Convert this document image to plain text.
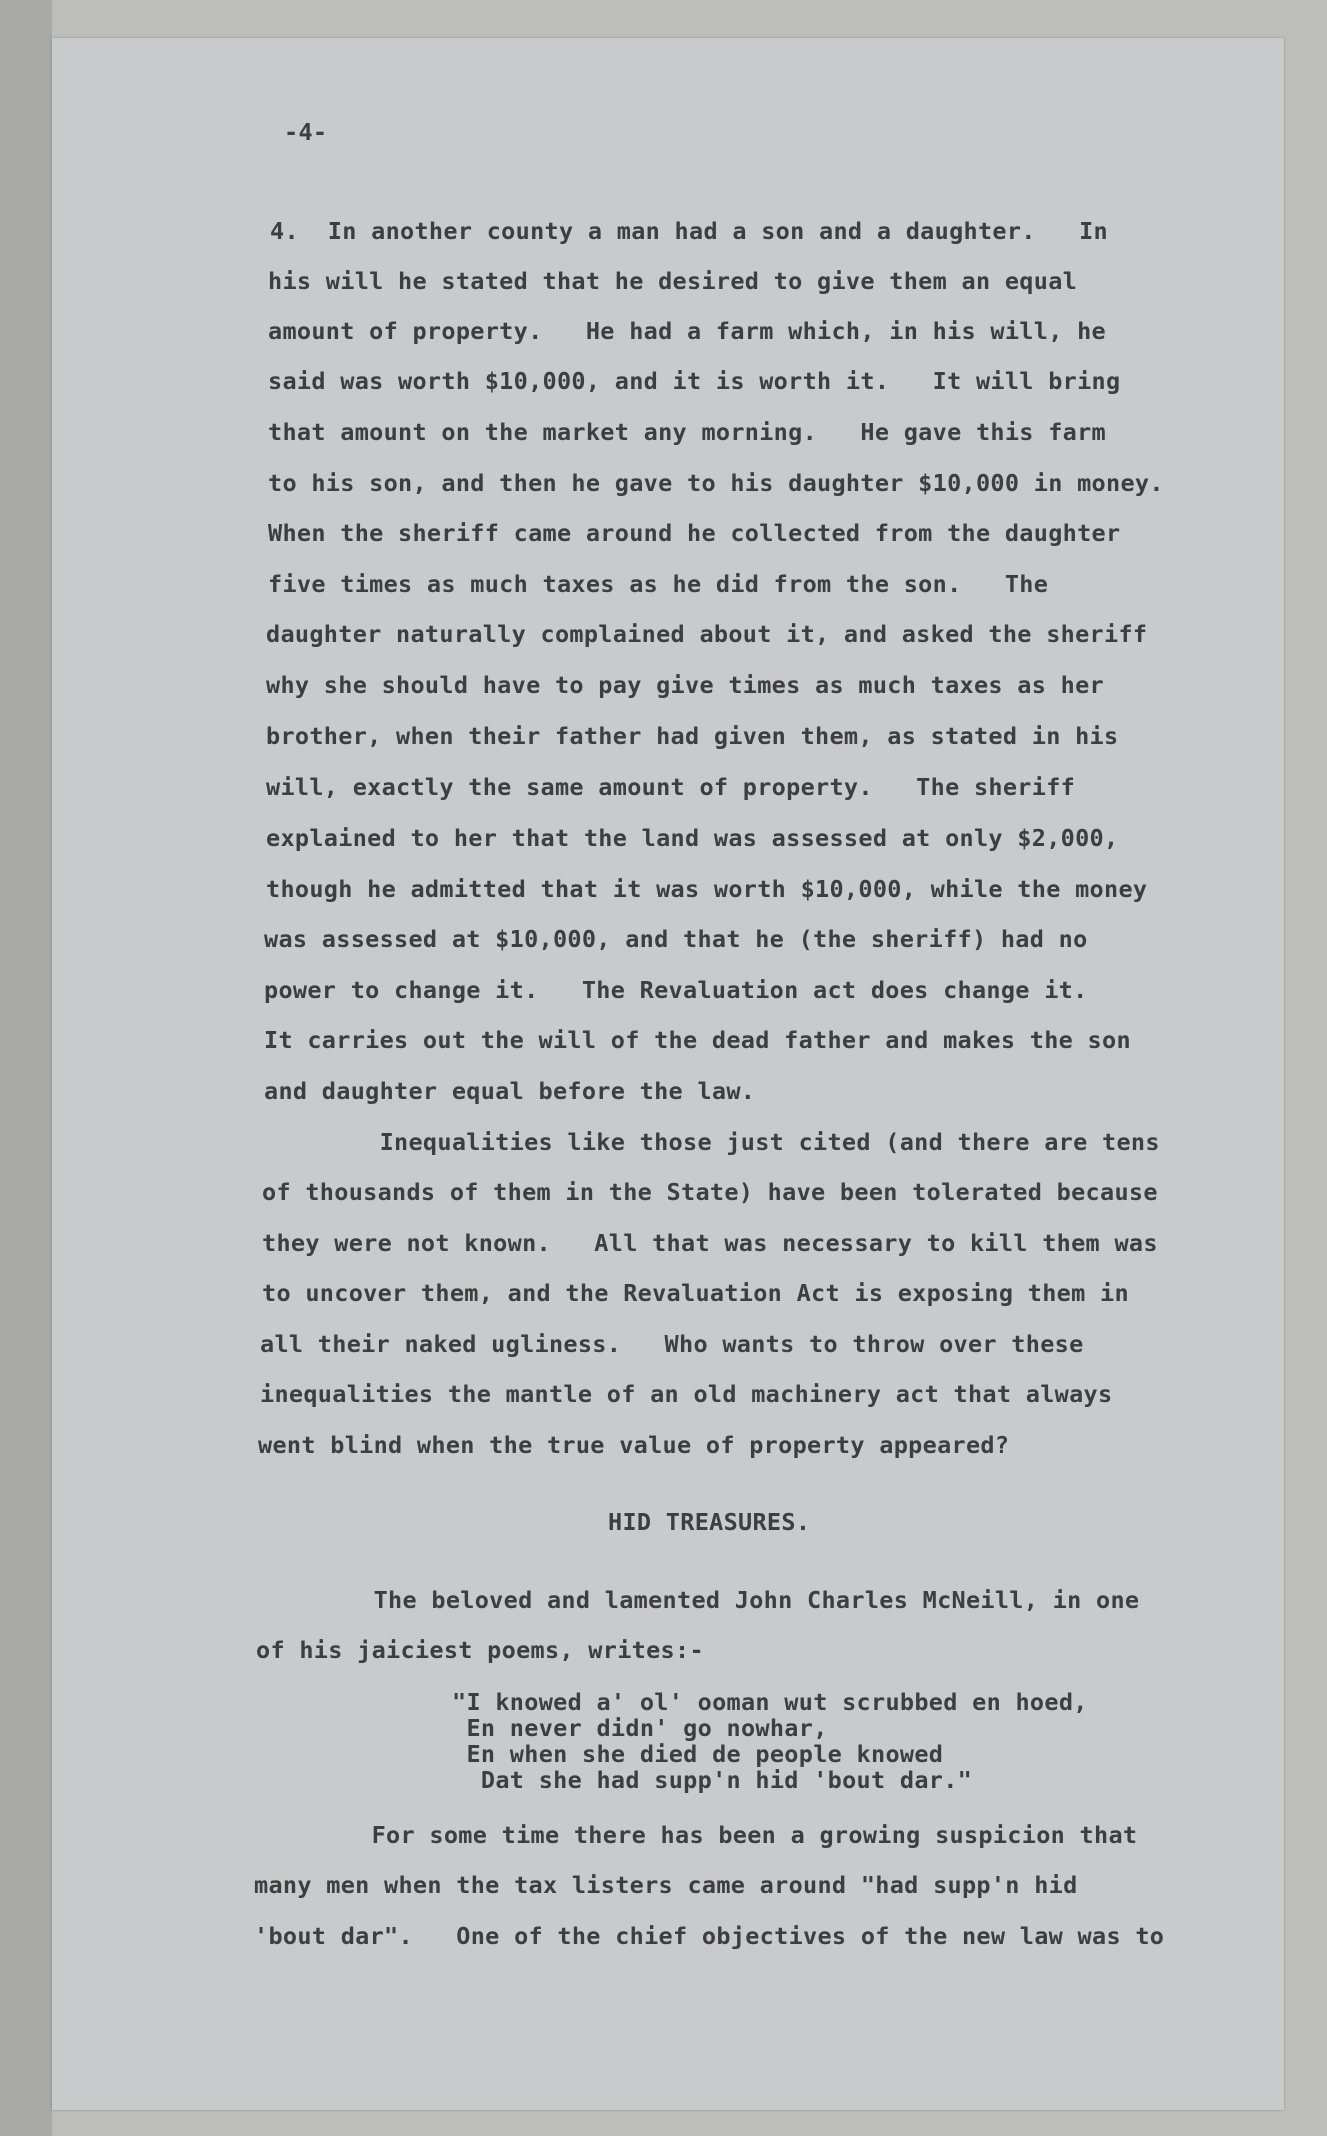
-4-

4.  In another county a man had a son and a daughter.   In

his will he stated that he desired to give them an equal

amount of property.   He had a farm which, in his will, he

said was worth $10,000, and it is worth it.   It will bring

that amount on the market any morning.   He gave this farm

to his son, and then he gave to his daughter $10,000 in money.

When the sheriff came around he collected from the daughter

five times as much taxes as he did from the son.   The

daughter naturally complained about it, and asked the sheriff

why she should have to pay give times as much taxes as her

brother, when their father had given them, as stated in his

will, exactly the same amount of property.   The sheriff

explained to her that the land was assessed at only $2,000,

though he admitted that it was worth $10,000, while the money

was assessed at $10,000, and that he (the sheriff) had no

power to change it.   The Revaluation act does change it.

It carries out the will of the dead father and makes the son

and daughter equal before the law.

Inequalities like those just cited (and there are tens

of thousands of them in the State) have been tolerated because

they were not known.   All that was necessary to kill them was

to uncover them, and the Revaluation Act is exposing them in

all their naked ugliness.   Who wants to throw over these

inequalities the mantle of an old machinery act that always

went blind when the true value of property appeared?

HID TREASURES.

The beloved and lamented John Charles McNeill, in one

of his jaiciest poems, writes:-

"I knowed a' ol' ooman wut scrubbed en hoed,

En never didn' go nowhar,

En when she died de people knowed

Dat she had supp'n hid 'bout dar."

For some time there has been a growing suspicion that

many men when the tax listers came around "had supp'n hid

'bout dar".   One of the chief objectives of the new law was to
